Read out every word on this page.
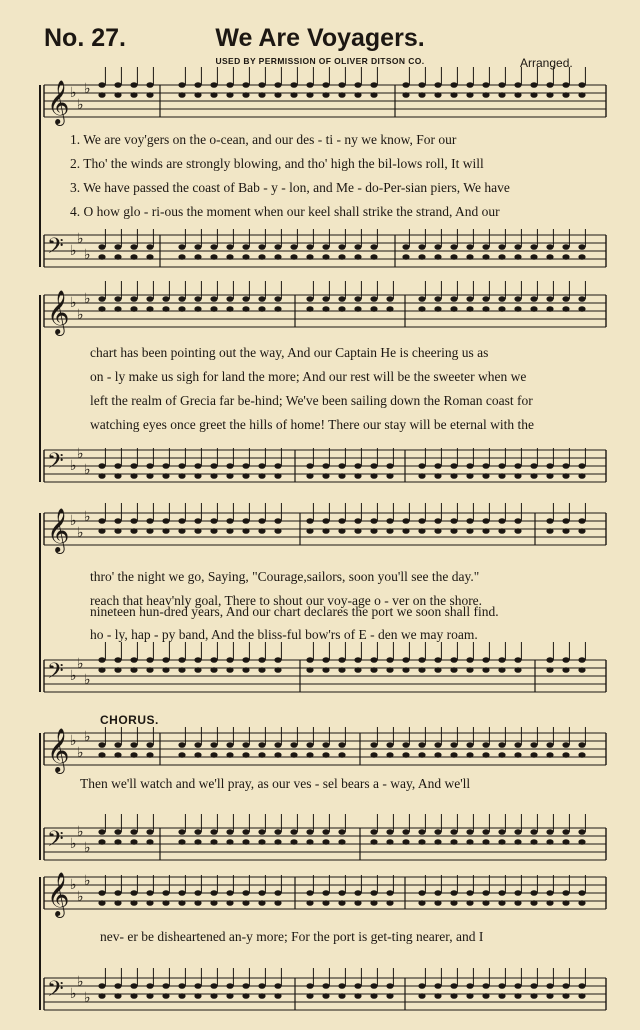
𝄞 ♭
♭
♭
𝄢 ♭
♭
♭
𝄞 ♭
♭
♭
𝄢 ♭
♭
♭
𝄞 ♭
♭
♭
𝄢 ♭
♭
♭
𝄞 ♭
♭
♭
𝄢 ♭
♭
♭
𝄞 ♭
♭
♭
𝄢 ♭
♭
♭
No. 27.	We Are Voyagers.
USED BY PERMISSION OF OLIVER DITSON CO.	Arranged.
1. We are voy'gers on the o-cean, and our des - ti - ny we know, For our
2. Tho' the winds are strongly blowing, and tho' high the bil-lows roll, It will
3. We have passed the coast of Bab - y - lon, and Me - do-Per-sian piers, We have
4. O how glo - ri-ous the moment when our keel shall strike the strand, And our
chart has been pointing out the way, And our Captain He is cheering us as
on - ly make us sigh for land the more; And our rest will be the sweeter when we
left the realm of Grecia far be-hind; We've been sailing down the Roman coast for
watching eyes once greet the hills of home! There our stay will be eternal with the
thro' the night we go, Saying, "Courage,sailors, soon you'll see the day."
reach that heav'nly goal, There to shout our voy-age o - ver on the shore.
nineteen hun-dred years, And our chart declares the port we soon shall find.
ho - ly, hap - py band, And the bliss-ful bow'rs of E - den we may roam.
CHORUS.
Then we'll watch and we'll pray, as our ves - sel bears a - way, And we'll
nev- er be disheartened an-y more; For the port is get-ting nearer, and I
